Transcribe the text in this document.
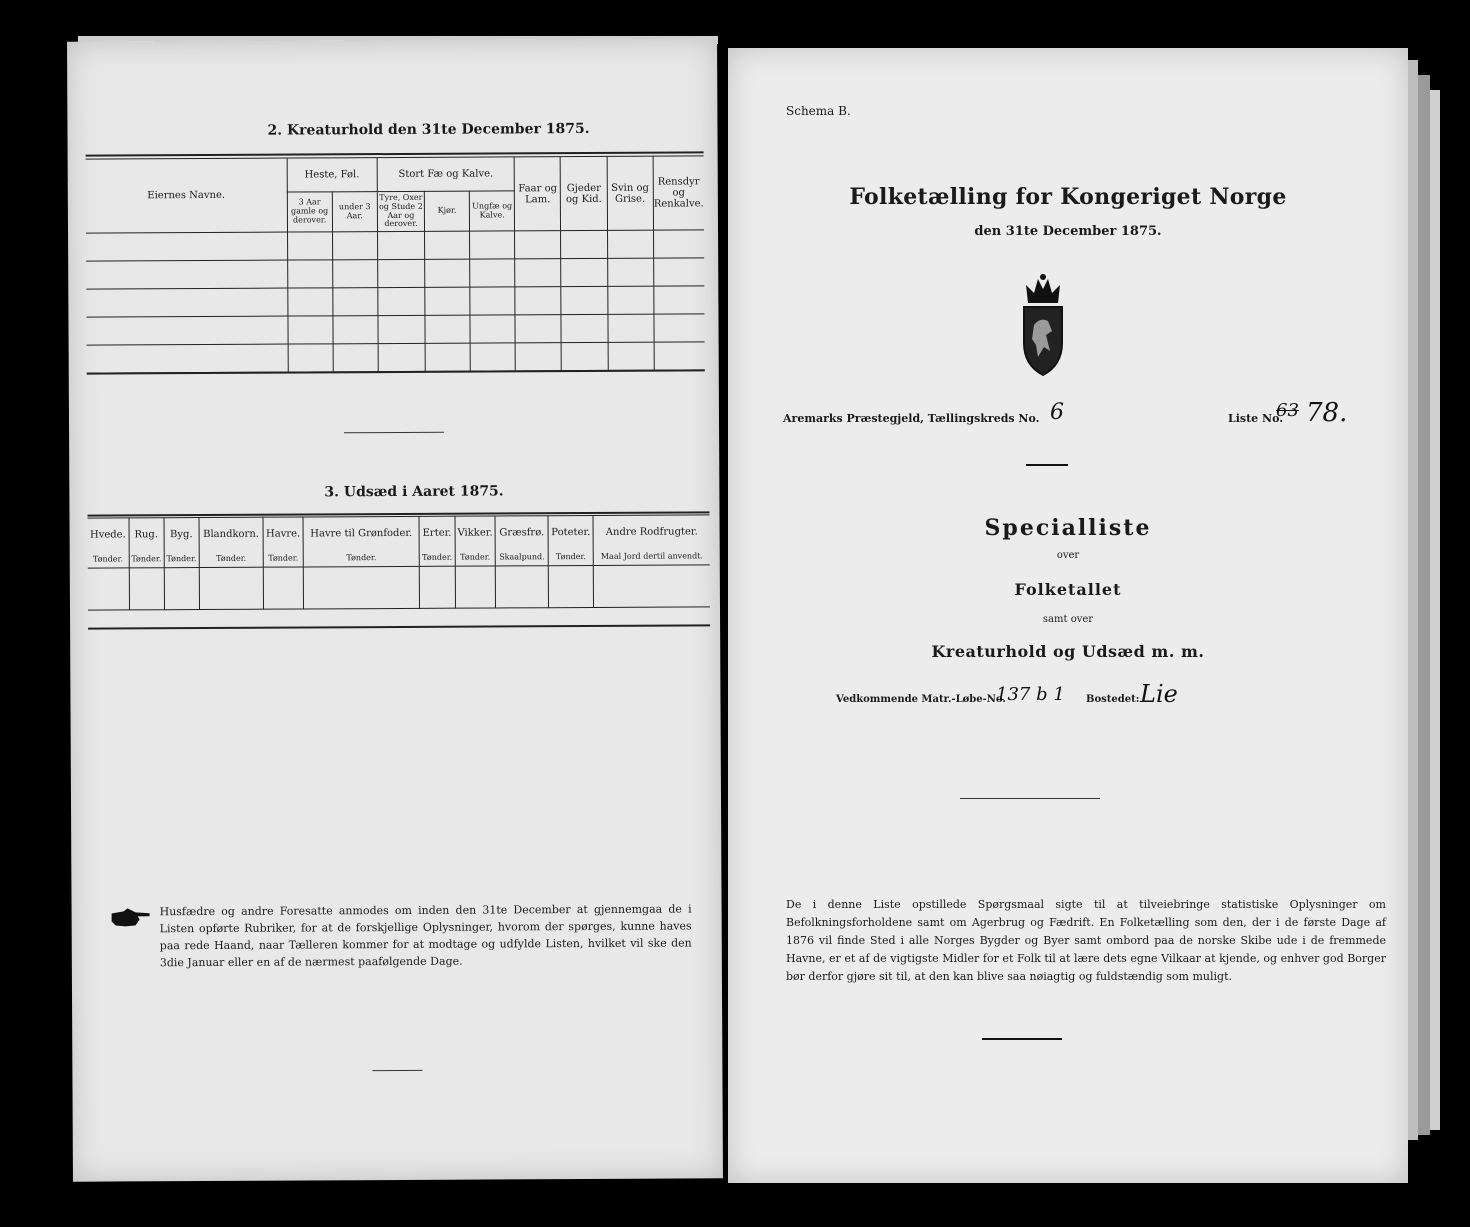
2. Kreaturhold den 31te December 1875.
Eiernes Navne.	Heste, Føl.		Stort Fæ og Kalve.			Faar og Lam.	Gjeder og Kid.	Svin og Grise.	Rensdyr og Renkalve.
	3 Aar gamle og derover.	under 3 Aar.	Tyre, Oxer og Stude 2 Aar og derover.	Kjør.	Ungfæ og Kalve.				

3. Udsæd i Aaret 1875.
Hvede.	Rug.	Byg.	Blandkorn.	Havre.	Havre til Grønfoder.	Erter.	Vikker.	Græsfrø.	Poteter.	Andre Rodfrugter.
Tønder.	Tønder.	Tønder.	Tønder.	Tønder.	Tønder.	Tønder.	Tønder.	Skaalpund.	Tønder.	Maal Jord dertil anvendt.

Husfædre og andre Foresatte anmodes om inden den 31te December at gjennemgaa de i Listen opførte Rubriker, for at de forskjellige Oplysninger, hvorom der spørges, kunne haves paa rede Haand, naar Tælleren kommer for at modtage og udfylde Listen, hvilket vil ske den 3die Januar eller en af de nærmest paafølgende Dage.
Schema B.
Folketælling for Kongeriget Norge
den 31te December 1875.
Aremarks Præstegjeld, Tællingskreds No. 6	Liste No.
63 78.
Specialliste
over
Folketallet
samt over
Kreaturhold og Udsæd m. m.
Vedkommende Matr.-Løbe-No.
137 b 1 Bostedet: Lie
De i denne Liste opstillede Spørgsmaal sigte til at tilveiebringe statistiske Oplysninger om Befolkningsforholdene samt om Agerbrug og Fædrift. En Folketælling som den, der i de første Dage af 1876 vil finde Sted i alle Norges Bygder og Byer samt ombord paa de norske Skibe ude i de fremmede Havne, er et af de vigtigste Midler for et Folk til at lære dets egne Vilkaar at kjende, og enhver god Borger bør derfor gjøre sit til, at den kan blive saa nøiagtig og fuldstændig som muligt.
